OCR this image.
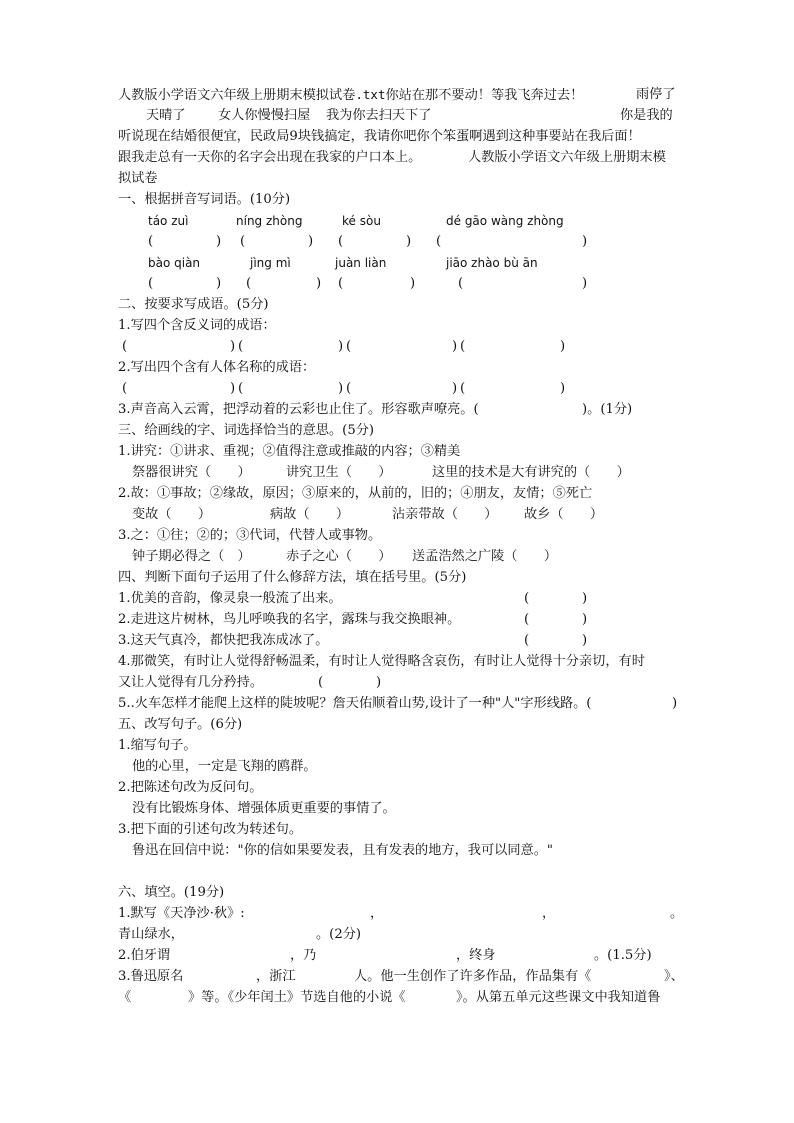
人教版小学语文六年级上册期末模拟试卷.txt你站在那不要动！等我飞奔过去！	雨停了
天晴了 女人你慢慢扫屋 我为你去扫天下了	你是我的
听说现在结婚很便宜，民政局9块钱搞定，我请你吧你个笨蛋啊遇到这种事要站在我后面！
跟我走总有一天你的名字会出现在我家的户口本上。	人教版小学语文六年级上册期末模
拟试卷
一、根据拼音写词语。(10分)
táo zuì	níng zhòng	ké sòu	dé gāo wàng zhòng
(	) (	) (	) (	)
bào qiàn	jìng mì	juàn liàn	jiāo zhào bù ān
(	) (	) (	)	(	)
二、按要求写成语。(5分)
1.写四个含反义词的成语：
(	) (	) (	) (	)
2.写出四个含有人体名称的成语：
(	) (	) (	) (	)
3.声音高入云霄，把浮动着的云彩也止住了。形容歌声嘹亮。(	)。(1分)
三、给画线的字、词选择恰当的意思。(5分)
1.讲究：①讲求、重视；②值得注意或推敲的内容；③精美
祭器很讲究（　　）	讲究卫生（　　）	这里的技术是大有讲究的（　　）
2.故：①事故；②缘故，原因；③原来的，从前的，旧的；④朋友，友情；⑤死亡
变故（　　）	病故（　　）	沾亲带故（　　） 故乡（　　）
3.之：①往；②的；③代词，代替人或事物。
钟子期必得之（　）	赤子之心（　　） 送孟浩然之广陵（　　）
四、判断下面句子运用了什么修辞方法，填在括号里。(5分)
1.优美的音韵，像灵泉一般流了出来。	(	)
2.走进这片树林，鸟儿呼唤我的名字，露珠与我交换眼神。	(	)
3.这天气真冷，都快把我冻成冰了。	(	)
4.那微笑，有时让人觉得舒畅温柔，有时让人觉得略含哀伤，有时让人觉得十分亲切，有时
又让人觉得有几分矜持。	(	)
5..火车怎样才能爬上这样的陡坡呢？詹天佑顺着山势,设计了一种"人"字形线路。(	)
五、改写句子。(6分)
1.缩写句子。
他的心里，一定是飞翔的鸥群。
2.把陈述句改为反问句。
没有比锻炼身体、增强体质更重要的事情了。
3.把下面的引述句改为转述句。
鲁迅在回信中说："你的信如果要发表，且有发表的地方，我可以同意。"
六、填空。(19分)
1.默写《天净沙·秋》:	，	，	。
青山绿水，	。(2分)
2.伯牙谓	，乃	，终身	。(1.5分)
3.鲁迅原名	，浙江	人。他一生创作了许多作品，作品集有《	》、
《	》等。《少年闰土》节选自他的小说《	》。从第五单元这些课文中我知道鲁
